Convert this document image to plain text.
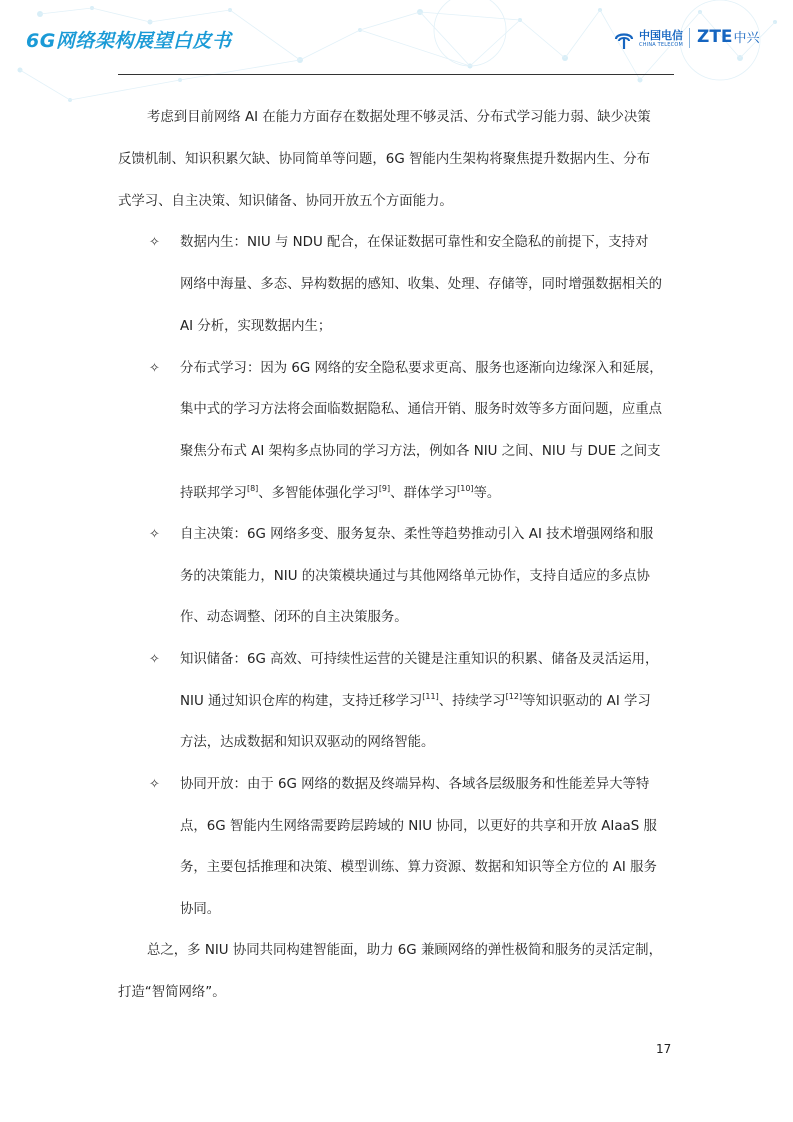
6G网络架构展望白皮书	中国电信
CHINA TELECOM ZTE中兴
考虑到目前网络 AI 在能力方面存在数据处理不够灵活、分布式学习能力弱、缺少决策
反馈机制、知识积累欠缺、协同简单等问题，6G 智能内生架构将聚焦提升数据内生、分布
式学习、自主决策、知识储备、协同开放五个方面能力。
✧ 数据内生：NIU 与 NDU 配合，在保证数据可靠性和安全隐私的前提下，支持对
网络中海量、多态、异构数据的感知、收集、处理、存储等，同时增强数据相关的
AI 分析，实现数据内生；
✧ 分布式学习：因为 6G 网络的安全隐私要求更高、服务也逐渐向边缘深入和延展，
集中式的学习方法将会面临数据隐私、通信开销、服务时效等多方面问题，应重点
聚焦分布式 AI 架构多点协同的学习方法，例如各 NIU 之间、NIU 与 DUE 之间支
持联邦学习[8]、多智能体强化学习[9]、群体学习[10]等。
✧ 自主决策：6G 网络多变、服务复杂、柔性等趋势推动引入 AI 技术增强网络和服
务的决策能力，NIU 的决策模块通过与其他网络单元协作，支持自适应的多点协
作、动态调整、闭环的自主决策服务。
✧ 知识储备：6G 高效、可持续性运营的关键是注重知识的积累、储备及灵活运用，
NIU 通过知识仓库的构建，支持迁移学习[11]、持续学习[12]等知识驱动的 AI 学习
方法，达成数据和知识双驱动的网络智能。
✧ 协同开放：由于 6G 网络的数据及终端异构、各域各层级服务和性能差异大等特
点，6G 智能内生网络需要跨层跨域的 NIU 协同，以更好的共享和开放 AIaaS 服
务，主要包括推理和决策、模型训练、算力资源、数据和知识等全方位的 AI 服务
协同。
总之，多 NIU 协同共同构建智能面，助力 6G 兼顾网络的弹性极简和服务的灵活定制，
打造“智简网络”。
17
